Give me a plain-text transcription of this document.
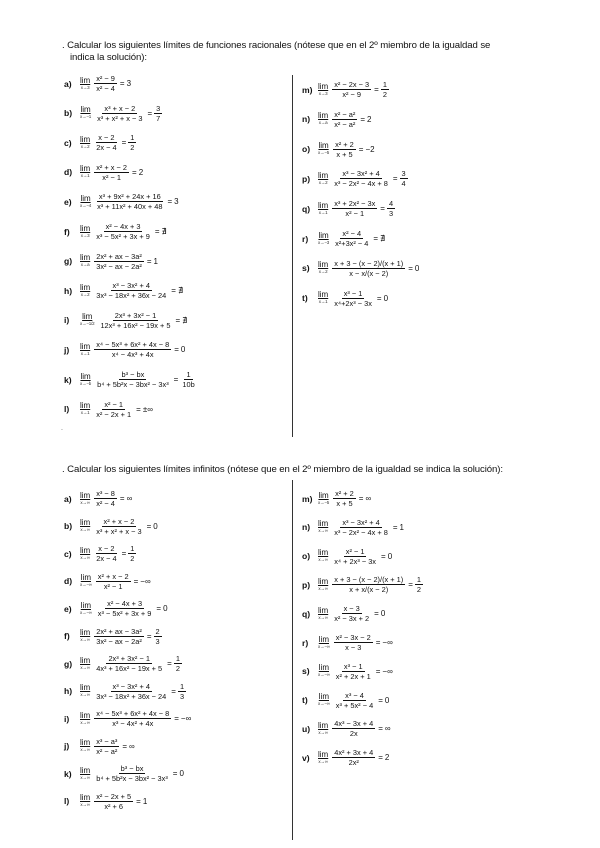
. Calcular los siguientes límites de funciones racionales (nótese que en el 2º miembro de la igualdad se
indica la solución):
a)	lim
$x\to 3 \frac{\text{x² − 9}}{\text{x² − 4}} = 3$
b)	lim
$x\to-1 \frac{\text{x³ + x − 2}}{\text{x³ + x² + x − 3}} = \frac{3}{7}$
c)	lim
$x\to 2 \frac{x - 2}{2x - 4} = \frac{1}{2}$
d) lim
$x\to 1 \frac{\text{x² + x − 2}}{\text{x² − 1}} = 2$
e)	lim
$x\to-4 \frac{\text{x³ + 9x² + 24x + 16}}{\text{x³ + 11x² + 40x + 48}} = 3$
f)	lim
$x\to 3 \frac{\text{x² − 4x + 3}}{\text{x³ − 5x² + 3x + 9}}$ = ∄
g) lim
$x\to a \frac{\text{2x² + ax − 3a²}}{\text{3x² − ax − 2a²}} = 1$
h) lim
$x\to 2 \frac{\text{x³ − 3x² + 4}}{\text{3x³ − 18x² + 36x − 24}}$ = ∄
i)	lim
$x\to-1/2 \frac{\text{2x³ + 3x² − 1}}{\text{12x³ + 16x² − 19x + 5}}$ = ∄
j)	lim
$x\to 1 \frac{\text{x⁴ − 5x³ + 6x² + 4x − 8}}{\text{x⁴ − 4x³ + 4x}} = 0$
k)	lim
$x\to-b \frac{\text{b³ − bx}}{\text{b⁴ + 5b²x − 3bx² − 3x³}} = \frac{1}{10b}$
l)	lim
$x\to 1 \frac{\text{x² − 1}}{\text{x² − 2x + 1}}$ = ±∞
m) lim
$x\to 3 \frac{\text{x² − 2x − 3}}{\text{x² − 9}} = \frac{1}{2}$
n) lim
$x\to a \frac{\text{x² − a²}}{\text{x² − a²}} = 2$
o)	lim
$x\to-5 \frac{\text{x² + 2}}{x + 5} = -2$
p) lim
$x\to 2 \frac{\text{x³ − 3x² + 4}}{\text{x³ − 2x² − 4x + 8}} = \frac{3}{4}$
q) lim
$x\to 1 \frac{\text{x³ + 2x² − 3x}}{\text{x² − 1}} = \frac{4}{3}$
r)	lim
$x\to-3 \frac{\text{x² − 4}}{\text{x²+3x² − 4}}$ = ∄
s)	lim
$x\to 2 \frac{x + 3 - (x - 2)/(x + 1)}{x - x/(x - 2)} = 0$
t)	lim
$x\to 1 \frac{\text{x³ − 1}}{\text{x⁴+2x³ − 3x}} = 0$
.
. Calcular los siguientes límites infinitos (nótese que en el 2º miembro de la igualdad se indica la solución):
a)	lim
$x\to\infty \frac{\text{x³ − 8}}{\text{x² − 4}}$ = ∞
b) lim
$x\to\infty \frac{\text{x² + x − 2}}{\text{x³ + x² + x − 3}} = 0$
c)	lim
$x\to\infty \frac{x - 2}{2x - 4} = \frac{1}{2}$
d)	lim
$x\to-\infty \frac{\text{x² + x − 2}}{\text{x² − 1}}$ = −∞
e)	lim
$x\to-\infty \frac{\text{x² − 4x + 3}}{\text{x³ − 5x² + 3x + 9}} = 0$
f)	lim
$x\to\infty \frac{\text{2x² + ax − 3a²}}{\text{3x² − ax − 2a²}} = \frac{2}{3}$
g) lim
$x\to\infty \frac{\text{2x³ + 3x² − 1}}{\text{4x³ + 16x² − 19x + 5}} = \frac{1}{2}$
h) lim
$x\to\infty \frac{\text{x³ − 3x² + 4}}{\text{3x³ − 18x² + 36x − 24}} = \frac{1}{3}$
i)	lim
$x\to\infty \frac{\text{x⁴ − 5x³ + 6x² + 4x − 8}}{\text{x³ − 4x² + 4x}}$ = −∞
j)	lim
$x\to\infty \frac{\text{x³ − a³}}{\text{x² − a²}}$ = ∞
k)	lim
$x\to\infty \frac{\text{b³ − bx}}{\text{b⁴ + 5b²x − 3bx² − 3x³}} = 0$
l)	lim
$x\to\infty \frac{\text{x² − 2x + 5}}{\text{x² + 6}} = 1$
m) lim
$x\to-5 \frac{\text{x² + 2}}{x + 5}$ = ∞
n) lim
$x\to\infty \frac{\text{x³ − 3x² + 4}}{\text{x³ − 2x² − 4x + 8}} = 1$
o) lim
$x\to\infty \frac{\text{x² − 1}}{\text{x⁴ + 2x³ − 3x}} = 0$
p) lim
$x\to\infty \frac{x + 3 - (x - 2)/(x + 1)}{x + x/(x - 2)} = \frac{1}{2}$
q) lim
$x\to\infty \frac{x - 3}{\text{x² − 3x + 2}} = 0$
r)	lim
$x\to-\infty \frac{\text{x² − 3x − 2}}{x - 3}$ = −∞
s)	lim
$x\to-\infty \frac{\text{x³ − 1}}{\text{x² + 2x + 1}}$ = −∞
t)	lim
$x\to-\infty \frac{\text{x³ − 4}}{\text{x³ + 5x² − 4}} = 0$
u) lim
$x\to\infty \frac{\text{4x³ − 3x + 4}}{2x}$ = ∞
v)	lim
$x\to\infty \frac{\text{4x² + 3x + 4}}{\text{2x²}} = 2$
